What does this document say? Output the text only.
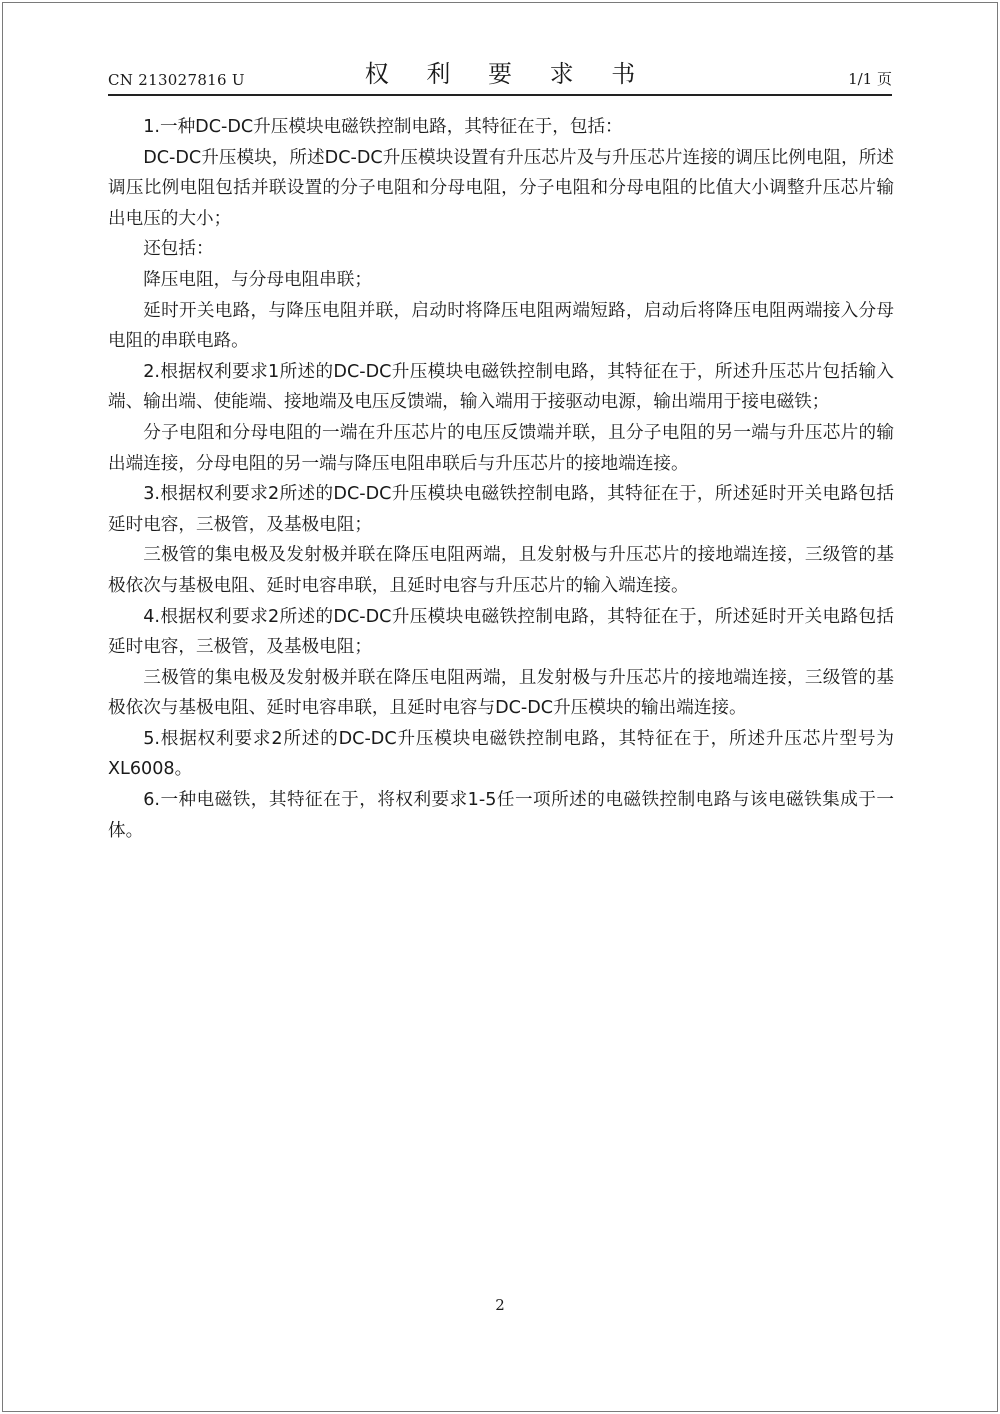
CN 213027816 U	权 利 要 求 书	1/1 页

1.一种DC-DC升压模块电磁铁控制电路，其特征在于，包括：

DC-DC升压模块，所述DC-DC升压模块设置有升压芯片及与升压芯片连接的调压比例电阻，所述调压比例电阻包括并联设置的分子电阻和分母电阻，分子电阻和分母电阻的比值大小调整升压芯片输出电压的大小；

还包括：

降压电阻，与分母电阻串联；

延时开关电路，与降压电阻并联，启动时将降压电阻两端短路，启动后将降压电阻两端接入分母电阻的串联电路。

2.根据权利要求1所述的DC-DC升压模块电磁铁控制电路，其特征在于，所述升压芯片包括输入端、输出端、使能端、接地端及电压反馈端，输入端用于接驱动电源，输出端用于接电磁铁；

分子电阻和分母电阻的一端在升压芯片的电压反馈端并联，且分子电阻的另一端与升压芯片的输出端连接，分母电阻的另一端与降压电阻串联后与升压芯片的接地端连接。

3.根据权利要求2所述的DC-DC升压模块电磁铁控制电路，其特征在于，所述延时开关电路包括延时电容，三极管，及基极电阻；

三极管的集电极及发射极并联在降压电阻两端，且发射极与升压芯片的接地端连接，三级管的基极依次与基极电阻、延时电容串联，且延时电容与升压芯片的输入端连接。

4.根据权利要求2所述的DC-DC升压模块电磁铁控制电路，其特征在于，所述延时开关电路包括延时电容，三极管，及基极电阻；

三极管的集电极及发射极并联在降压电阻两端，且发射极与升压芯片的接地端连接，三级管的基极依次与基极电阻、延时电容串联，且延时电容与DC-DC升压模块的输出端连接。

5.根据权利要求2所述的DC-DC升压模块电磁铁控制电路，其特征在于，所述升压芯片型号为XL6008。

6.一种电磁铁，其特征在于，将权利要求1-5任一项所述的电磁铁控制电路与该电磁铁集成于一体。

2
